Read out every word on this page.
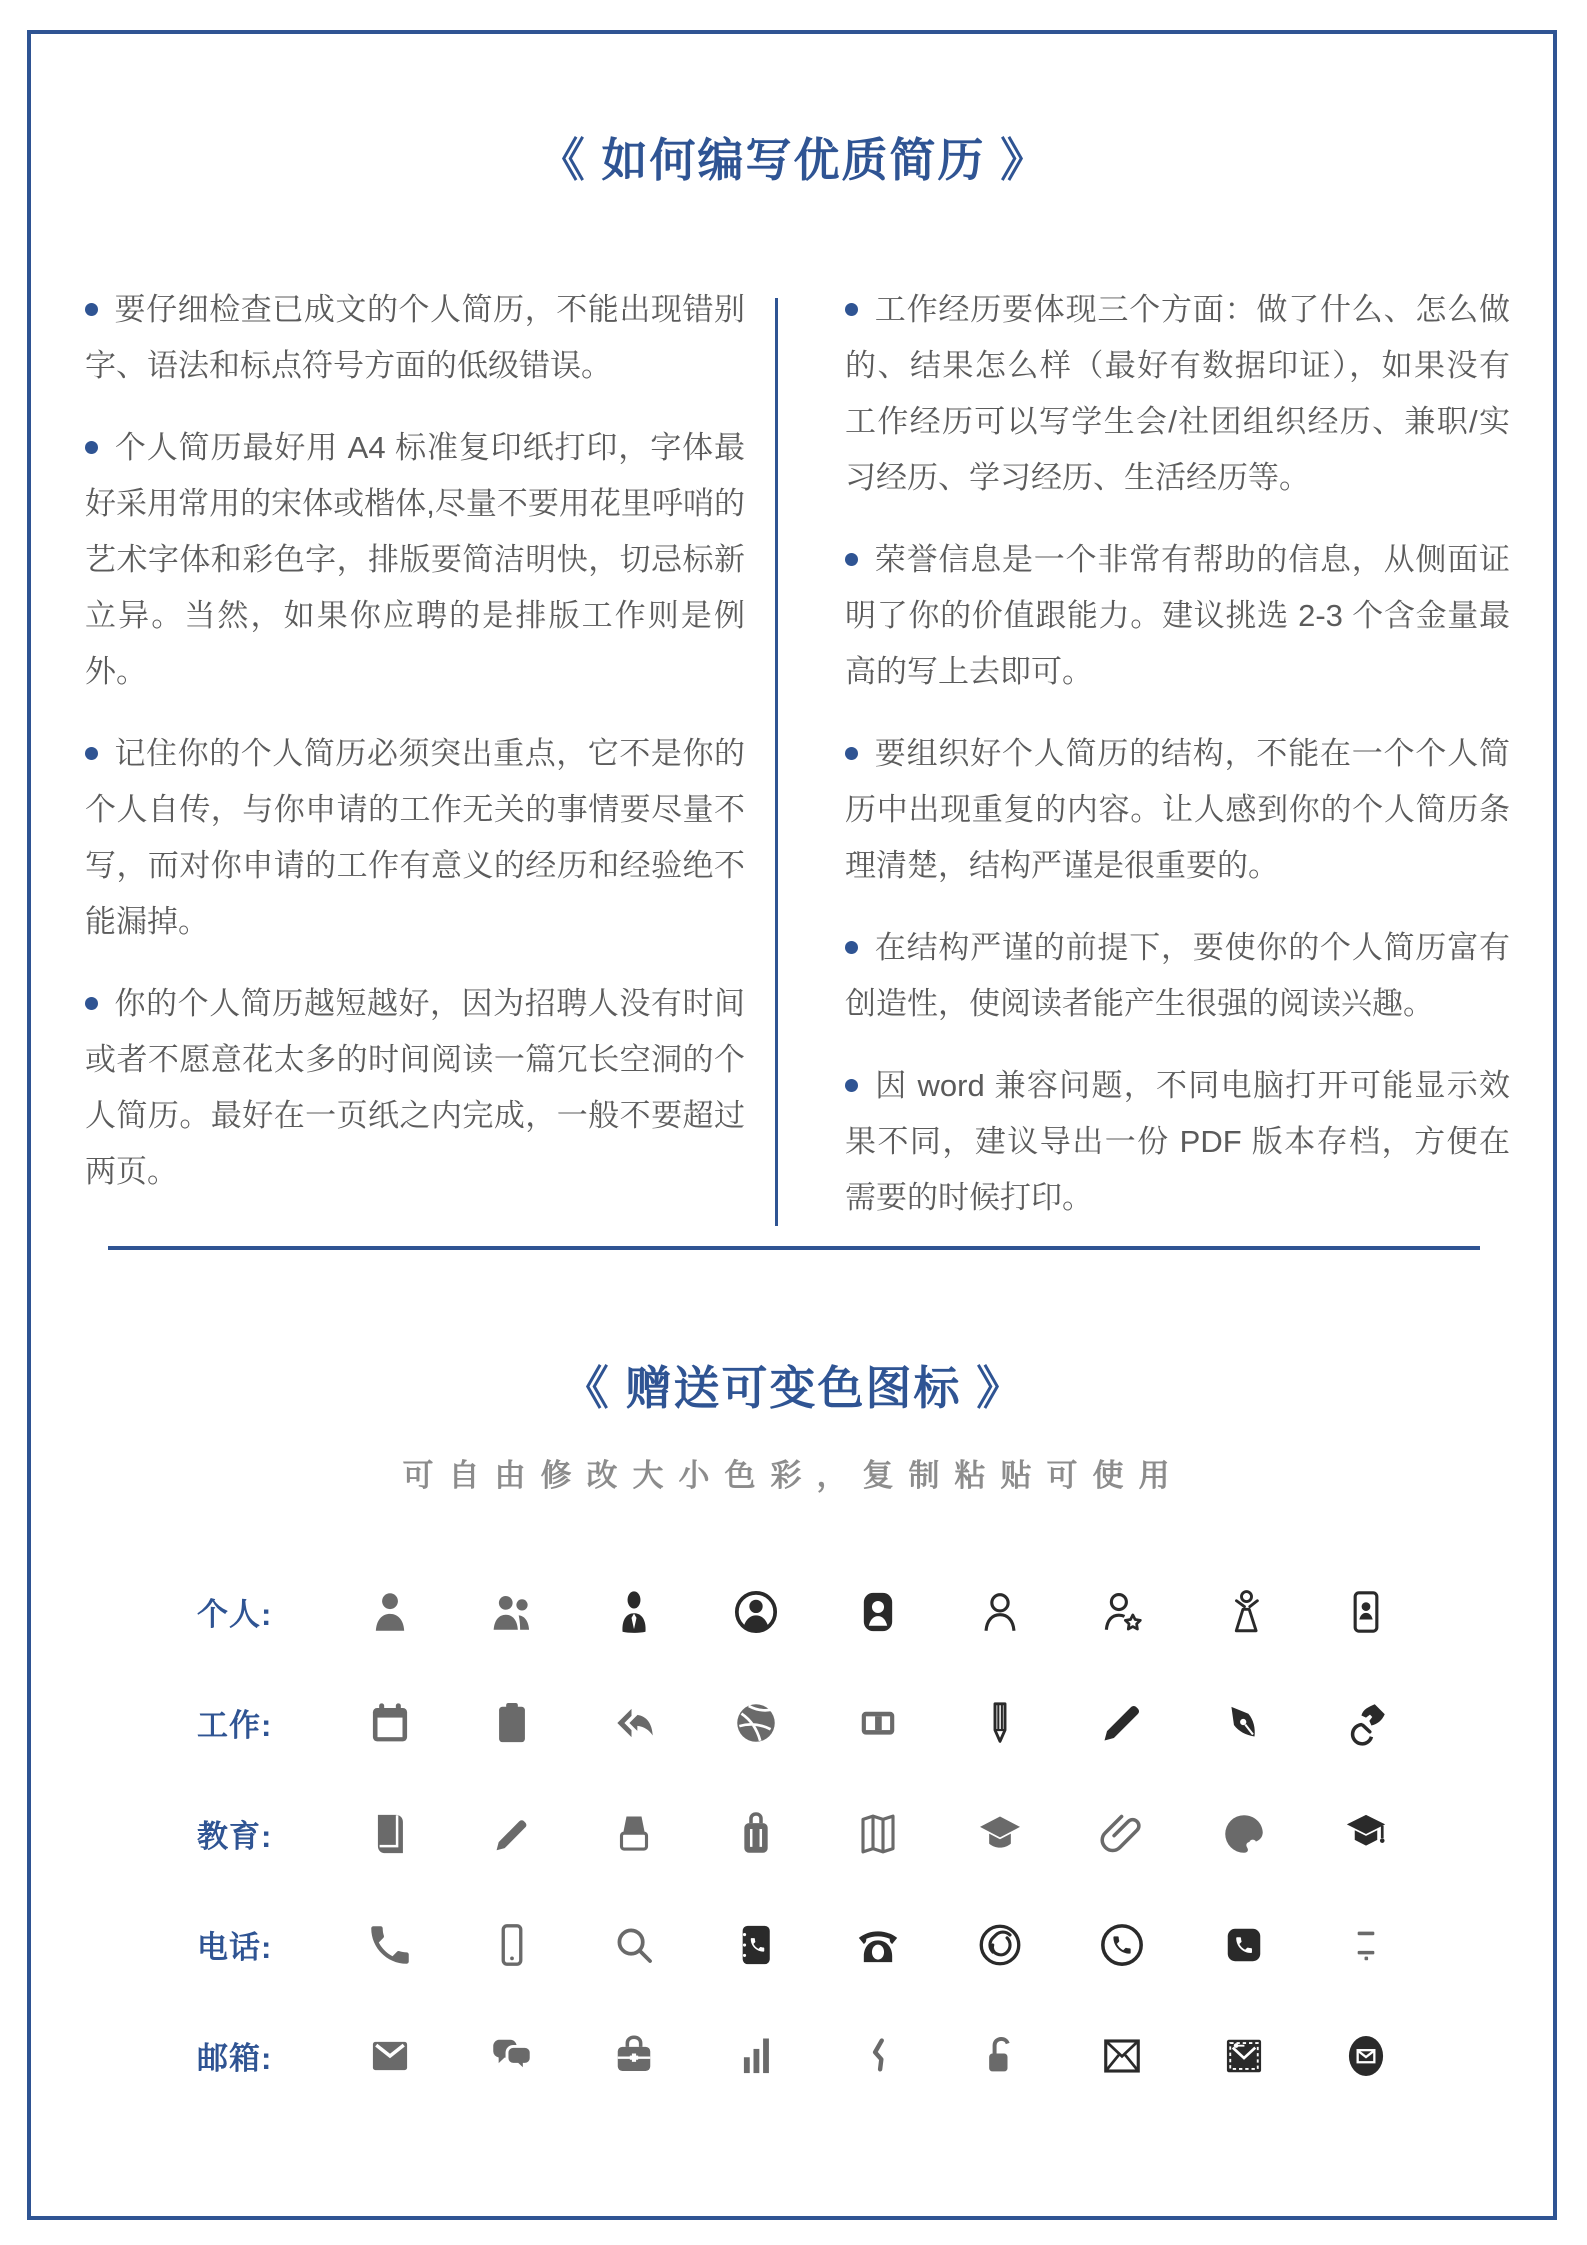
《 如何编写优质简历 》

要仔细检查已成文的个人简历，不能出现错别字、语法和标点符号方面的低级错误。

个人简历最好用 A4 标准复印纸打印，字体最好采用常用的宋体或楷体,尽量不要用花里呼哨的艺术字体和彩色字，排版要简洁明快，切忌标新立异。当然，如果你应聘的是排版工作则是例外。

记住你的个人简历必须突出重点，它不是你的个人自传，与你申请的工作无关的事情要尽量不写，而对你申请的工作有意义的经历和经验绝不能漏掉。

你的个人简历越短越好，因为招聘人没有时间或者不愿意花太多的时间阅读一篇冗长空洞的个人简历。最好在一页纸之内完成，一般不要超过两页。

工作经历要体现三个方面：做了什么、怎么做的、结果怎么样（最好有数据印证），如果没有工作经历可以写学生会/社团组织经历、兼职/实习经历、学习经历、生活经历等。

荣誉信息是一个非常有帮助的信息，从侧面证明了你的价值跟能力。建议挑选 2-3 个含金量最高的写上去即可。

要组织好个人简历的结构，不能在一个个人简历中出现重复的内容。让人感到你的个人简历条理清楚，结构严谨是很重要的。

在结构严谨的前提下，要使你的个人简历富有创造性，使阅读者能产生很强的阅读兴趣。

因 word 兼容问题，不同电脑打开可能显示效果不同，建议导出一份 PDF 版本存档，方便在需要的时候打印。

《 赠送可变色图标 》
可自由修改大小色彩，复制粘贴可使用
个人:
工作:
教育:
电话:
邮箱:
